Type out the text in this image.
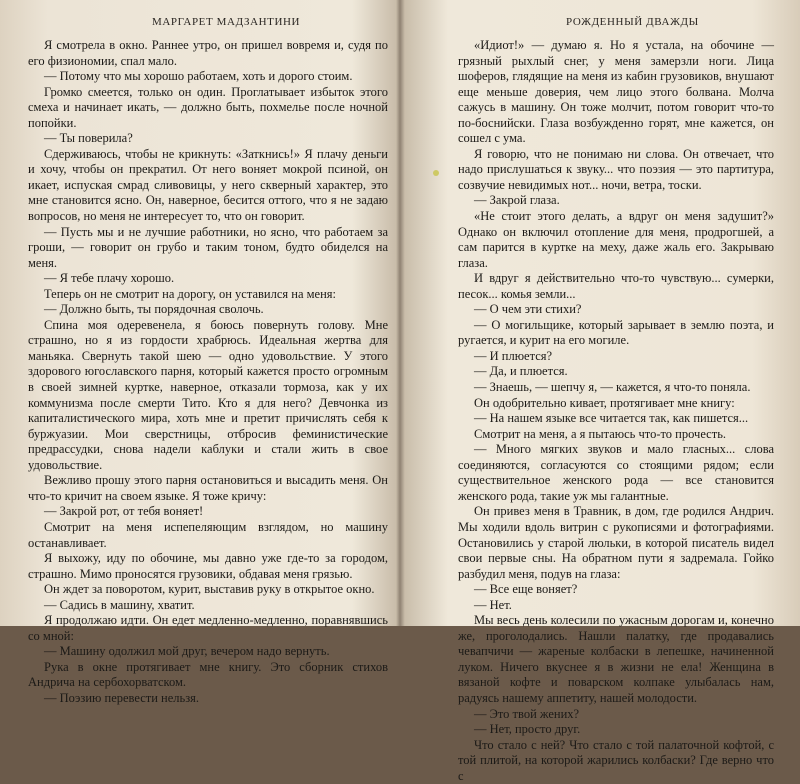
МАРГАРЕТ МАДЗАНТИНИ

Я смотрела в окно. Раннее утро, он пришел вовремя и, судя по его физиономии, спал мало.

— Потому что мы хорошо работаем, хоть и дорого стоим.

Громко смеется, только он один. Проглатывает избыток этого смеха и начинает икать, — должно быть, похмелье после ночной попойки.

— Ты поверила?

Сдерживаюсь, чтобы не крикнуть: «Заткнись!» Я плачу деньги и хочу, чтобы он прекратил. От него воняет мокрой псиной, он икает, испуская смрад сливовицы, у него скверный характер, это мне становится ясно. Он, наверное, бесится оттого, что я не задаю вопросов, но меня не интересует то, что он говорит.

— Пусть мы и не лучшие работники, но ясно, что работаем за гроши, — говорит он грубо и таким тоном, будто обиделся на меня.

— Я тебе плачу хорошо.

Теперь он не смотрит на дорогу, он уставился на меня:

— Должно быть, ты порядочная сволочь.

Спина моя одеревенела, я боюсь повернуть голову. Мне страшно, но я из гордости храбрюсь. Идеальная жертва для маньяка. Свернуть такой шею — одно удовольствие. У этого здорового югославского парня, который кажется просто огромным в своей зимней куртке, наверное, отказали тормоза, как у их коммунизма после смерти Тито. Кто я для него? Девчонка из капиталистического мира, хоть мне и претит причислять себя к буржуазии. Мои сверстницы, отбросив феминистические предрассудки, снова надели каблуки и стали жить в свое удовольствие.

Вежливо прошу этого парня остановиться и высадить меня. Он что-то кричит на своем языке. Я тоже кричу:

— Закрой рот, от тебя воняет!

Смотрит на меня испепеляющим взглядом, но машину останавливает.

Я выхожу, иду по обочине, мы давно уже где-то за городом, страшно. Мимо проносятся грузовики, обдавая меня грязью.

Он ждет за поворотом, курит, выставив руку в открытое окно.

— Садись в машину, хватит.

Я продолжаю идти. Он едет медленно-медленно, поравнявшись со мной:

— Машину одолжил мой друг, вечером надо вернуть.

Рука в окне протягивает мне книгу. Это сборник стихов Андрича на сербохорватском.

— Поэзию перевести нельзя.

РОЖДЕННЫЙ ДВАЖДЫ

«Идиот!» — думаю я. Но я устала, на обочине — грязный рыхлый снег, у меня замерзли ноги. Лица шоферов, глядящие на меня из кабин грузовиков, внушают еще меньше доверия, чем лицо этого болвана. Молча сажусь в машину. Он тоже молчит, потом говорит что-то по-боснийски. Глаза возбужденно горят, мне кажется, он сошел с ума.

Я говорю, что не понимаю ни слова. Он отвечает, что надо прислушаться к звуку... что поэзия — это партитура, созвучие невидимых нот... ночи, ветра, тоски.

— Закрой глаза.

«Не стоит этого делать, а вдруг он меня задушит?» Однако он включил отопление для меня, продрогшей, а сам парится в куртке на меху, даже жаль его. Закрываю глаза.

И вдруг я действительно что-то чувствую... сумерки, песок... комья земли...

— О чем эти стихи?

— О могильщике, который зарывает в землю поэта, и ругается, и курит на его могиле.

— И плюется?

— Да, и плюется.

— Знаешь, — шепчу я, — кажется, я что-то поняла.

Он одобрительно кивает, протягивает мне книгу:

— На нашем языке все читается так, как пишется...

Смотрит на меня, а я пытаюсь что-то прочесть.

— Много мягких звуков и мало гласных... слова соединяются, согласуются со стоящими рядом; если существительное женского рода — все становится женского рода, такие уж мы галантные.

Он привез меня в Травник, в дом, где родился Андрич. Мы ходили вдоль витрин с рукописями и фотографиями. Остановились у старой люльки, в которой писатель видел свои первые сны. На обратном пути я задремала. Гойко разбудил меня, подув на глаза:

— Все еще воняет?

— Нет.

Мы весь день колесили по ужасным дорогам и, конечно же, проголодались. Нашли палатку, где продавались чевапчичи — жареные колбаски в лепешке, начиненной луком. Ничего вкуснее я в жизни не ела! Женщина в вязаной кофте и поварском колпаке улыбалась нам, радуясь нашему аппетиту, нашей молодости.

— Это твой жених?

— Нет, просто друг.

Что стало с ней? Что стало с той палаточной кофтой, с той плитой, на которой жарились колбаски? Где верно что с
